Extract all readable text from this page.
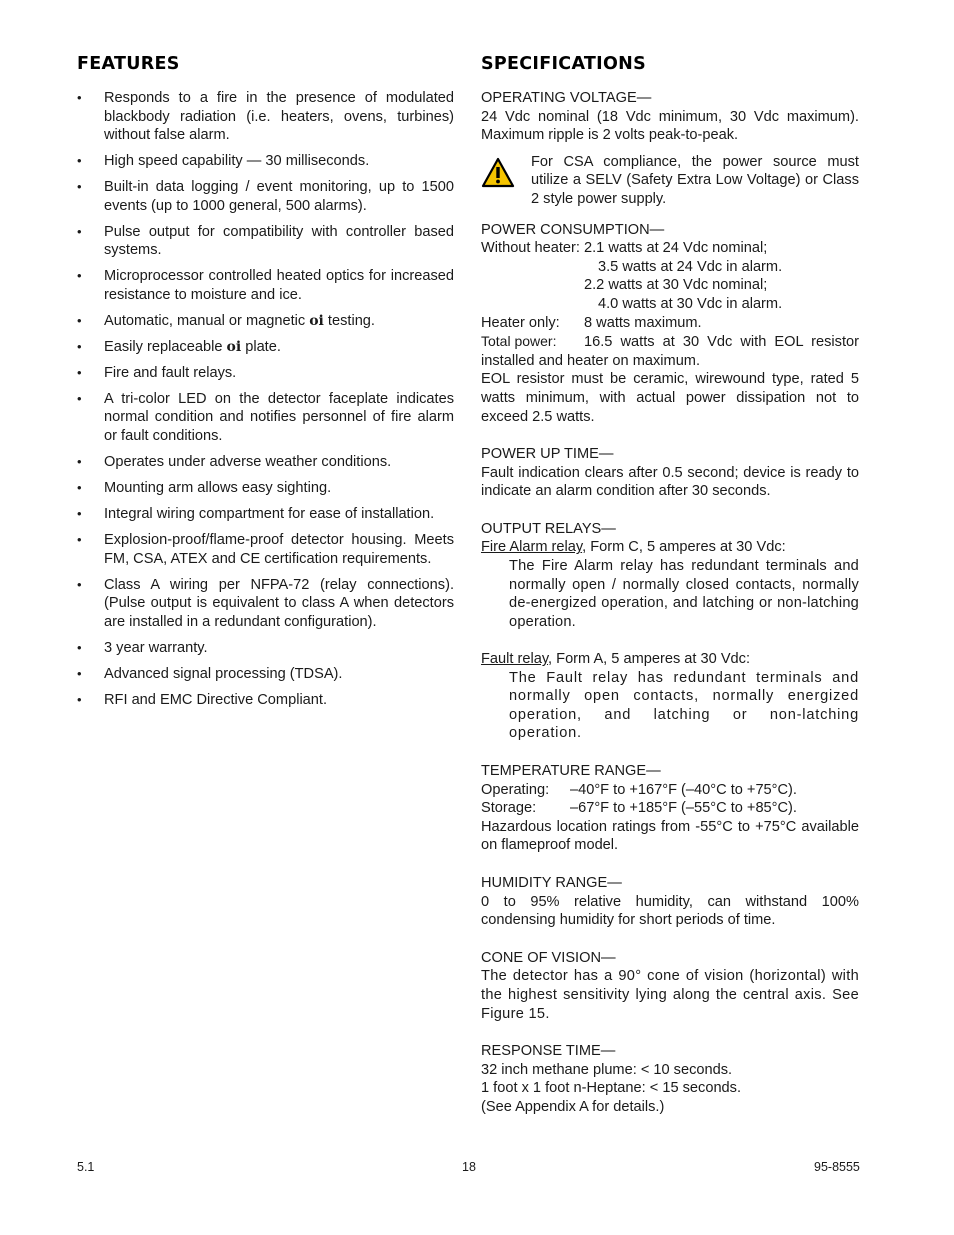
FEATURES
• Responds to a fire in the presence of modulated blackbody radiation (i.e. heaters, ovens, turbines) without false alarm.
• High speed capability — 30 milliseconds.
• Built-in data logging / event monitoring, up to 1500 events (up to 1000 general, 500 alarms).
• Pulse output for compatibility with controller based systems.
• Microprocessor controlled heated optics for increased resistance to moisture and ice.
• Automatic, manual or magnetic oi testing.
• Easily replaceable oi plate.
• Fire and fault relays.
• A tri-color LED on the detector faceplate indicates normal condition and notifies personnel of fire alarm or fault conditions.
• Operates under adverse weather conditions.
• Mounting arm allows easy sighting.
• Integral wiring compartment for ease of installation.
• Explosion-proof/flame-proof detector housing. Meets FM, CSA, ATEX and CE certification requirements.
• Class A wiring per NFPA-72 (relay connections). (Pulse output is equivalent to class A when detectors are installed in a redundant configuration).
• 3 year warranty.
• Advanced signal processing (TDSA).
• RFI and EMC Directive Compliant.
SPECIFICATIONS

OPERATING VOLTAGE—

24 Vdc nominal (18 Vdc minimum, 30 Vdc maximum). Maximum ripple is 2 volts peak-to-peak.

For CSA compliance, the power source must utilize a SELV (Safety Extra Low Voltage) or Class 2 style power supply.

POWER CONSUMPTION—

Without heater: 2.1 watts at 24 Vdc nominal;
3.5 watts at 24 Vdc in alarm.
2.2 watts at 30 Vdc nominal;
4.0 watts at 30 Vdc in alarm.
Heater only:	8 watts maximum.

Total power: 16.5 watts at 30 Vdc with EOL resistor installed and heater on maximum.

EOL resistor must be ceramic, wirewound type, rated 5 watts minimum, with actual power dissipation not to exceed 2.5 watts.

POWER UP TIME—

Fault indication clears after 0.5 second; device is ready to indicate an alarm condition after 30 seconds.

OUTPUT RELAYS—

Fire Alarm relay, Form C, 5 amperes at 30 Vdc:

The Fire Alarm relay has redundant terminals and normally open / normally closed contacts, normally de-energized operation, and latching or non-latching operation.

Fault relay, Form A, 5 amperes at 30 Vdc:

The Fault relay has redundant terminals and normally open contacts, normally energized operation, and latching or non-latching operation.

TEMPERATURE RANGE—

Operating:	–40°F to +167°F (–40°C to +75°C).
Storage:	–67°F to +185°F (–55°C to +85°C).

Hazardous location ratings from -55°C to +75°C available on flameproof model.

HUMIDITY RANGE—

0 to 95% relative humidity, can withstand 100% condensing humidity for short periods of time.

CONE OF VISION—

The detector has a 90° cone of vision (horizontal) with the highest sensitivity lying along the central axis. See Figure 15.

RESPONSE TIME—

32 inch methane plume: < 10 seconds.

1 foot x 1 foot n-Heptane: < 15 seconds.

(See Appendix A for details.)

5.1	18	95-8555
